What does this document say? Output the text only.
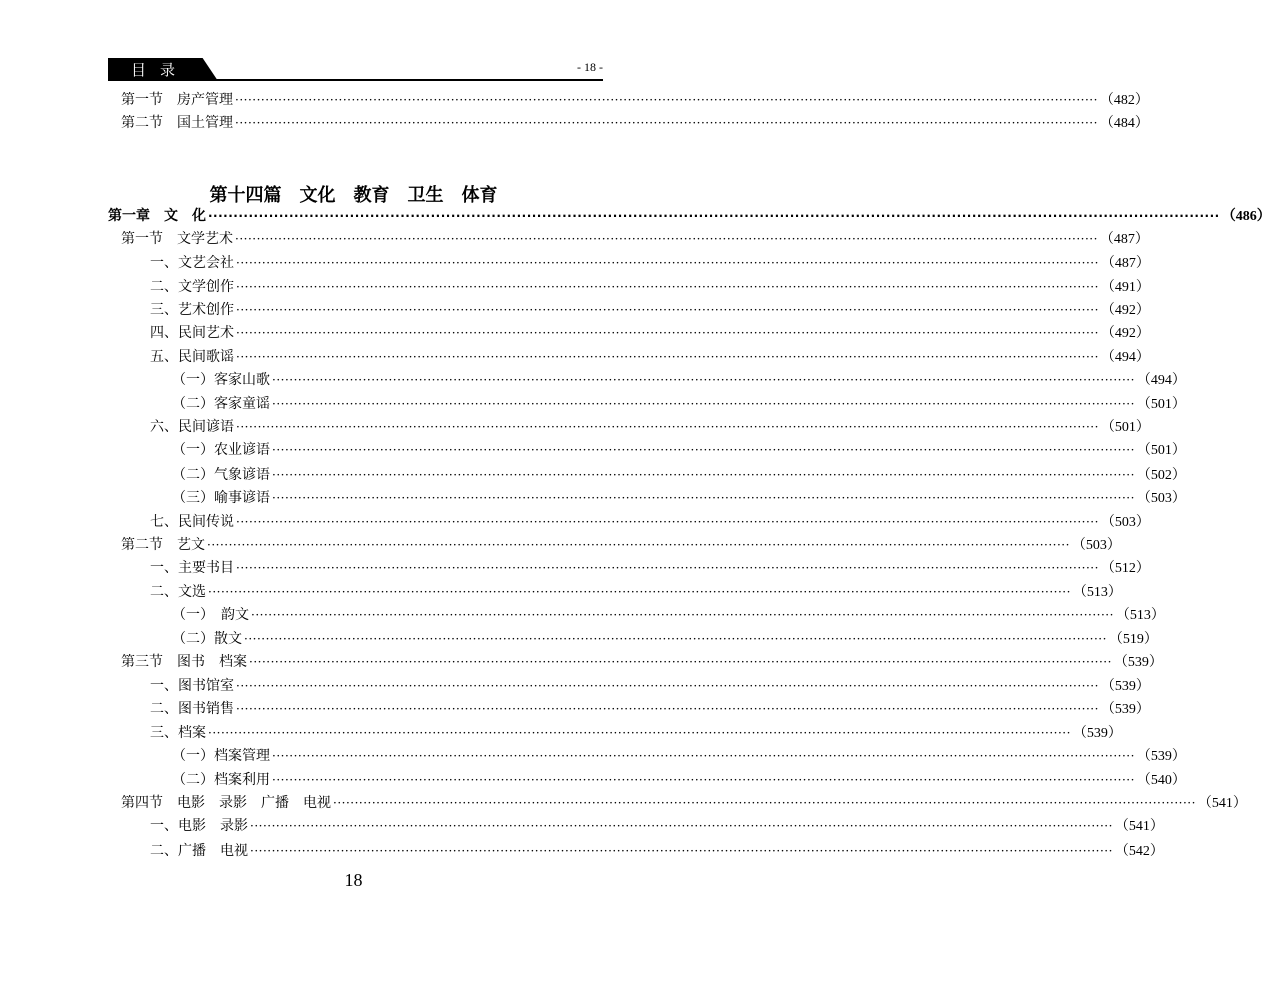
目录	- 18 -
第十四篇　文化　教育　卫生　体育
第一节　房产管理 ········································································································································································································ （482）
第二节　国土管理 ········································································································································································································ （484）
第一章　文　化 ········································································································································································································ （486）
第一节　文学艺术 ········································································································································································································ （487）
一、文艺会社 ········································································································································································································ （487）
二、文学创作 ········································································································································································································ （491）
三、艺术创作 ········································································································································································································ （492）
四、民间艺术 ········································································································································································································ （492）
五、民间歌谣 ········································································································································································································ （494）
（一）客家山歌 ········································································································································································································ （494）
（二）客家童谣 ········································································································································································································ （501）
六、民间谚语 ········································································································································································································ （501）
（一）农业谚语 ········································································································································································································ （501）
（二）气象谚语 ········································································································································································································ （502）
（三）喻事谚语 ········································································································································································································ （503）
七、民间传说 ········································································································································································································ （503）
第二节　艺文 ········································································································································································································ （503）
一、主要书目 ········································································································································································································ （512）
二、文选 ········································································································································································································ （513）
（一）　韵文 ········································································································································································································ （513）
（二）散文 ········································································································································································································ （519）
第三节　图书　档案 ········································································································································································································ （539）
一、图书馆室 ········································································································································································································ （539）
二、图书销售 ········································································································································································································ （539）
三、档案 ········································································································································································································ （539）
（一）档案管理 ········································································································································································································ （539）
（二）档案利用 ········································································································································································································ （540）
第四节　电影　录影　广播　电视 ········································································································································································································ （541）
一、电影　录影 ········································································································································································································ （541）
二、广播　电视 ········································································································································································································ （542）
18
